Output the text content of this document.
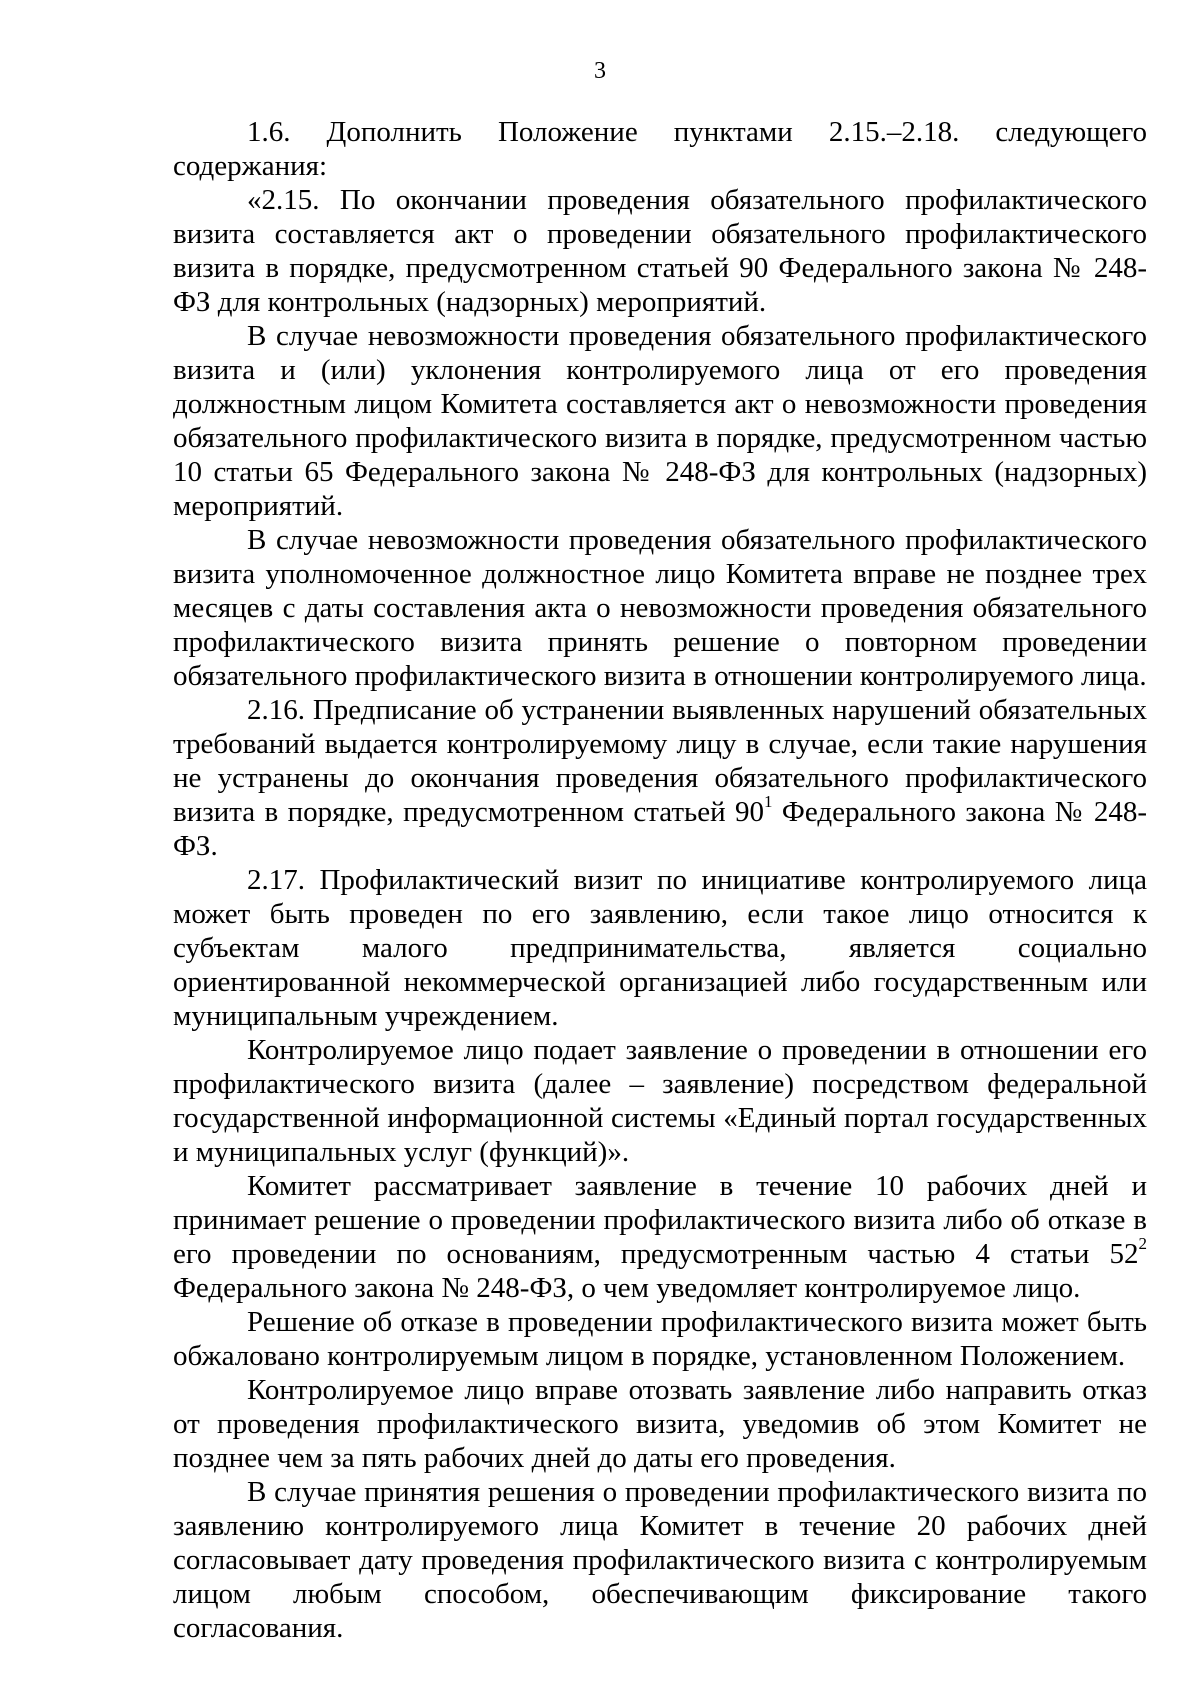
3

1.6. Дополнить Положение пунктами 2.15.–2.18. следующего содержания:

«2.15. По окончании проведения обязательного профилактического визита составляется акт о проведении обязательного профилактического визита в порядке, предусмотренном статьей 90 Федерального закона № 248-ФЗ для контрольных (надзорных) мероприятий.

В случае невозможности проведения обязательного профилактического визита и (или) уклонения контролируемого лица от его проведения должностным лицом Комитета составляется акт о невозможности проведения обязательного профилактического визита в порядке, предусмотренном частью 10 статьи 65 Федерального закона № 248-ФЗ для контрольных (надзорных) мероприятий.

В случае невозможности проведения обязательного профилактического визита уполномоченное должностное лицо Комитета вправе не позднее трех месяцев с даты составления акта о невозможности проведения обязательного профилактического визита принять решение о повторном проведении обязательного профилактического визита в отношении контролируемого лица.

2.16. Предписание об устранении выявленных нарушений обязательных требований выдается контролируемому лицу в случае, если такие нарушения не устранены до окончания проведения обязательного профилактического визита в порядке, предусмотренном статьей $90^1$ Федерального закона № 248-ФЗ.

2.17. Профилактический визит по инициативе контролируемого лица может быть проведен по его заявлению, если такое лицо относится к субъектам малого предпринимательства, является социально ориентированной некоммерческой организацией либо государственным или муниципальным учреждением.

Контролируемое лицо подает заявление о проведении в отношении его профилактического визита (далее – заявление) посредством федеральной государственной информационной системы «Единый портал государственных и муниципальных услуг (функций)».

Комитет рассматривает заявление в течение 10 рабочих дней и принимает решение о проведении профилактического визита либо об отказе в его проведении по основаниям, предусмотренным частью 4 статьи $52^2$ Федерального закона № 248-ФЗ, о чем уведомляет контролируемое лицо.

Решение об отказе в проведении профилактического визита может быть обжаловано контролируемым лицом в порядке, установленном Положением.

Контролируемое лицо вправе отозвать заявление либо направить отказ от проведения профилактического визита, уведомив об этом Комитет не позднее чем за пять рабочих дней до даты его проведения.

В случае принятия решения о проведении профилактического визита по заявлению контролируемого лица Комитет в течение 20 рабочих дней согласовывает дату проведения профилактического визита с контролируемым лицом любым способом, обеспечивающим фиксирование такого согласования.
